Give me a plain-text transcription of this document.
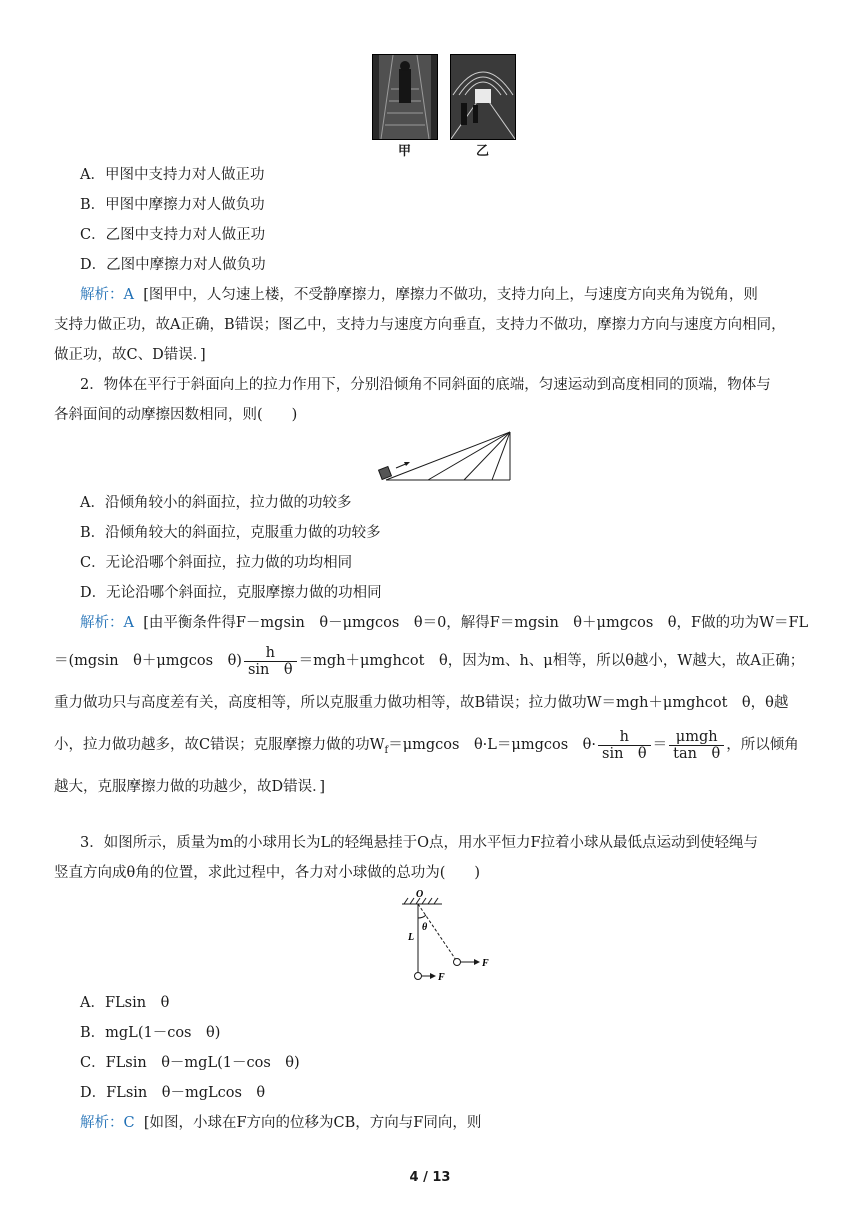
甲	乙
A．甲图中支持力对人做正功
B．甲图中摩擦力对人做负功
C．乙图中支持力对人做正功
D．乙图中摩擦力对人做负功
解析：A [图甲中，人匀速上楼，不受静摩擦力，摩擦力不做功，支持力向上，与速度方向夹角为锐角，则
支持力做正功，故A正确，B错误；图乙中，支持力与速度方向垂直，支持力不做功，摩擦力方向与速度方向相同，
做正功，故C、D错误．]
2．物体在平行于斜面向上的拉力作用下，分别沿倾角不同斜面的底端，匀速运动到高度相同的顶端，物体与
各斜面间的动摩擦因数相同，则(　　)
A．沿倾角较小的斜面拉，拉力做的功较多
B．沿倾角较大的斜面拉，克服重力做的功较多
C．无论沿哪个斜面拉，拉力做的功均相同
D．无论沿哪个斜面拉，克服摩擦力做的功相同
解析：A [由平衡条件得F－mgsin　θ－μmgcos　θ＝0，解得F＝mgsin　θ＋μmgcos　θ，F做的功为W＝FL
＝(mgsin　θ＋μmgcos　$\theta) \frac{h}{\text{sin　θ}} =mgh+\mu mghcot$　θ，因为m、h、μ相等，所以θ越小，W越大，故A正确；
重力做功只与高度差有关，高度相等，所以克服重力做功相等，故B错误；拉力做功W＝mgh＋μmghcot　θ，θ越
小，拉力做功越多，故C错误；克服摩擦力做的功$W_f=\mu mgcos$　θ·L＝μmgcos　$\theta\cdot \frac{h}{\text{sin　θ}} = \frac{\text{μmgh}}{\text{tan　θ}}$ ，所以倾角
越大，克服摩擦力做的功越少，故D错误．]
3．如图所示，质量为m的小球用长为L的轻绳悬挂于O点，用水平恒力F拉着小球从最低点运动到使轻绳与
竖直方向成θ角的位置，求此过程中，各力对小球做的总功为(　　)
O
L
θ
F
F
A．FLsin　θ
B．mgL(1－cos　θ)
C．FLsin　θ－mgL(1－cos　θ)
D．FLsin　θ－mgLcos　θ
解析：C [如图，小球在F方向的位移为CB，方向与F同向，则
4 / 13
